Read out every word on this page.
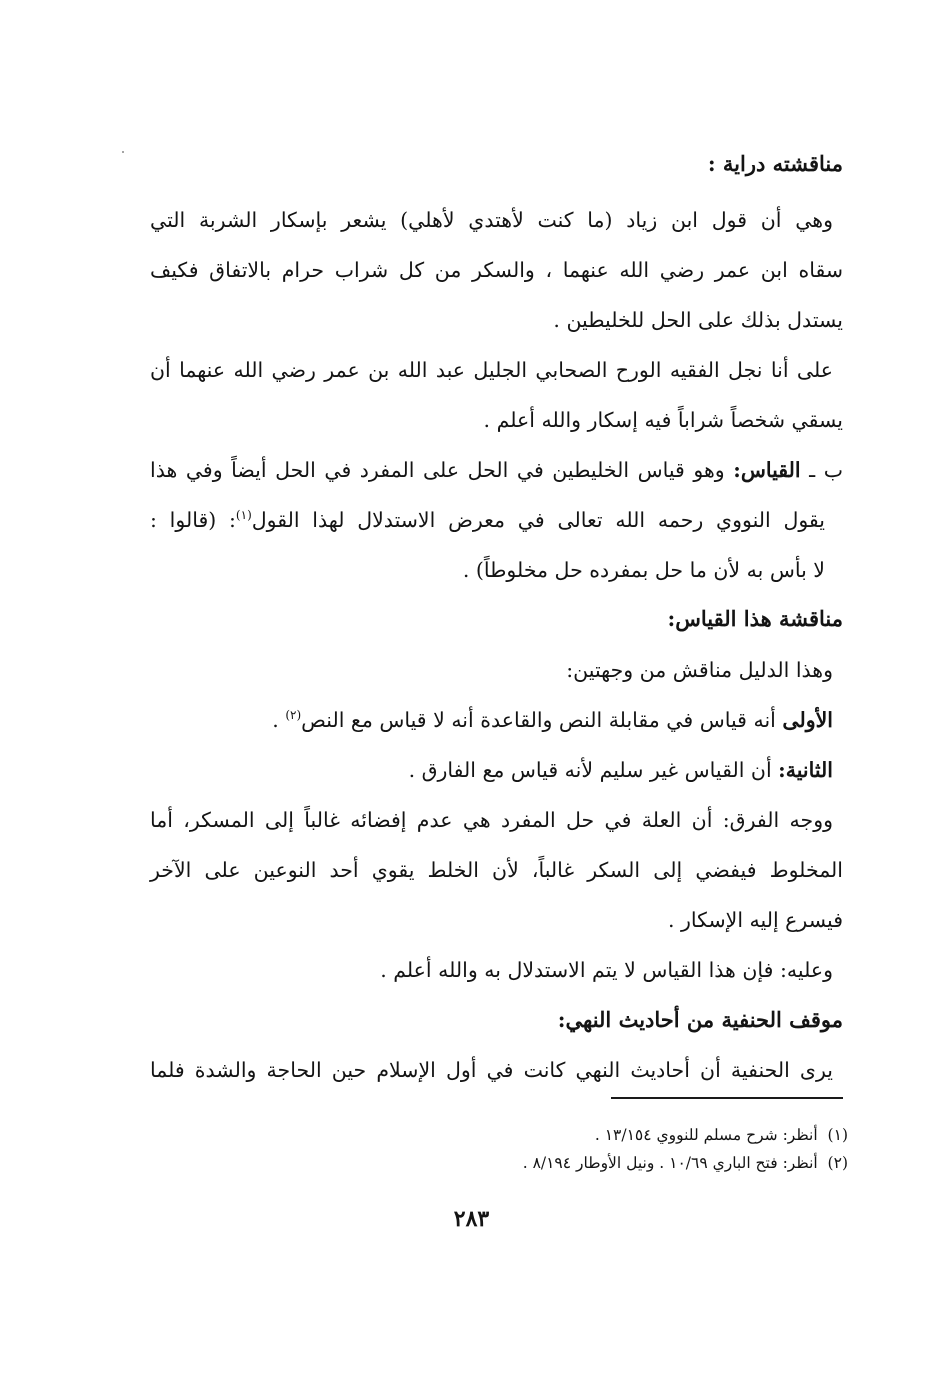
مناقشته دراية :
وهي أن قول ابن زياد (ما كنت لأهتدي لأهلي) يشعر بإسكار الشربة التي
سقاه ابن عمر رضي الله عنهما ، والسكر من كل شراب حرام بالاتفاق فكيف
يستدل بذلك على الحل للخليطين .
على أنا نجل الفقيه الورح الصحابي الجليل عبد الله بن عمر رضي الله عنهما أن
يسقي شخصاً شراباً فيه إسكار والله أعلم .
ب ـ القياس: وهو قياس الخليطين في الحل على المفرد في الحل أيضاً وفي هذا
يقول النووي رحمه الله تعالى في معرض الاستدلال لهذا القول$^{(١)}$: (قالوا :
لا بأس به لأن ما حل بمفرده حل مخلوطاً) .
مناقشة هذا القياس:
وهذا الدليل مناقش من وجهتين:
الأولى أنه قياس في مقابلة النص والقاعدة أنه لا قياس مع النص$^{(٢)}$ .
الثانية: أن القياس غير سليم لأنه قياس مع الفارق .
ووجه الفرق: أن العلة في حل المفرد هي عدم إفضائه غالباً إلى المسكر، أما
المخلوط فيفضي إلى السكر غالباً، لأن الخلط يقوي أحد النوعين على الآخر
فيسرع إليه الإسكار .
وعليه: فإن هذا القياس لا يتم الاستدلال به والله أعلم .
موقف الحنفية من أحاديث النهي:
يرى الحنفية أن أحاديث النهي كانت في أول الإسلام حين الحاجة والشدة فلما
(١)  أنظر: شرح مسلم للنووي ١٣/١٥٤ .
(٢)  أنظر: فتح الباري ١٠/٦٩ . ونيل الأوطار ٨/١٩٤ .
٢٨٣
